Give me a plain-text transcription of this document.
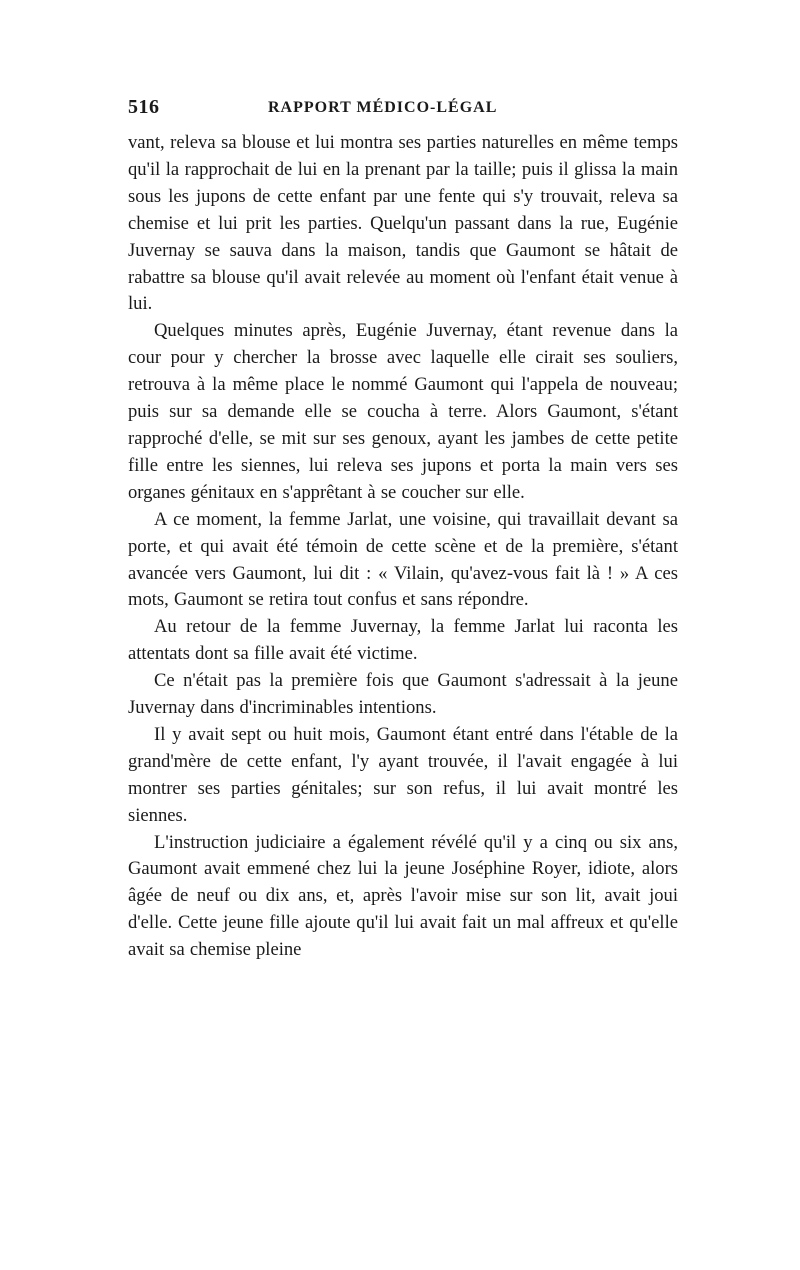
516	RAPPORT MÉDICO-LÉGAL

vant, releva sa blouse et lui montra ses parties naturelles en même temps qu'il la rapprochait de lui en la prenant par la taille; puis il glissa la main sous les jupons de cette enfant par une fente qui s'y trouvait, releva sa chemise et lui prit les parties. Quelqu'un passant dans la rue, Eugénie Juvernay se sauva dans la maison, tandis que Gaumont se hâtait de rabattre sa blouse qu'il avait relevée au moment où l'enfant était venue à lui.

Quelques minutes après, Eugénie Juvernay, étant revenue dans la cour pour y chercher la brosse avec laquelle elle cirait ses souliers, retrouva à la même place le nommé Gaumont qui l'appela de nouveau; puis sur sa demande elle se coucha à terre. Alors Gaumont, s'étant rapproché d'elle, se mit sur ses genoux, ayant les jambes de cette petite fille entre les siennes, lui releva ses jupons et porta la main vers ses organes génitaux en s'apprêtant à se coucher sur elle.

A ce moment, la femme Jarlat, une voisine, qui travaillait devant sa porte, et qui avait été témoin de cette scène et de la première, s'étant avancée vers Gaumont, lui dit : « Vilain, qu'avez-vous fait là ! » A ces mots, Gaumont se retira tout confus et sans répondre.

Au retour de la femme Juvernay, la femme Jarlat lui raconta les attentats dont sa fille avait été victime.

Ce n'était pas la première fois que Gaumont s'adressait à la jeune Juvernay dans d'incriminables intentions.

Il y avait sept ou huit mois, Gaumont étant entré dans l'étable de la grand'mère de cette enfant, l'y ayant trouvée, il l'avait engagée à lui montrer ses parties génitales; sur son refus, il lui avait montré les siennes.

L'instruction judiciaire a également révélé qu'il y a cinq ou six ans, Gaumont avait emmené chez lui la jeune Joséphine Royer, idiote, alors âgée de neuf ou dix ans, et, après l'avoir mise sur son lit, avait joui d'elle. Cette jeune fille ajoute qu'il lui avait fait un mal affreux et qu'elle avait sa chemise pleine
